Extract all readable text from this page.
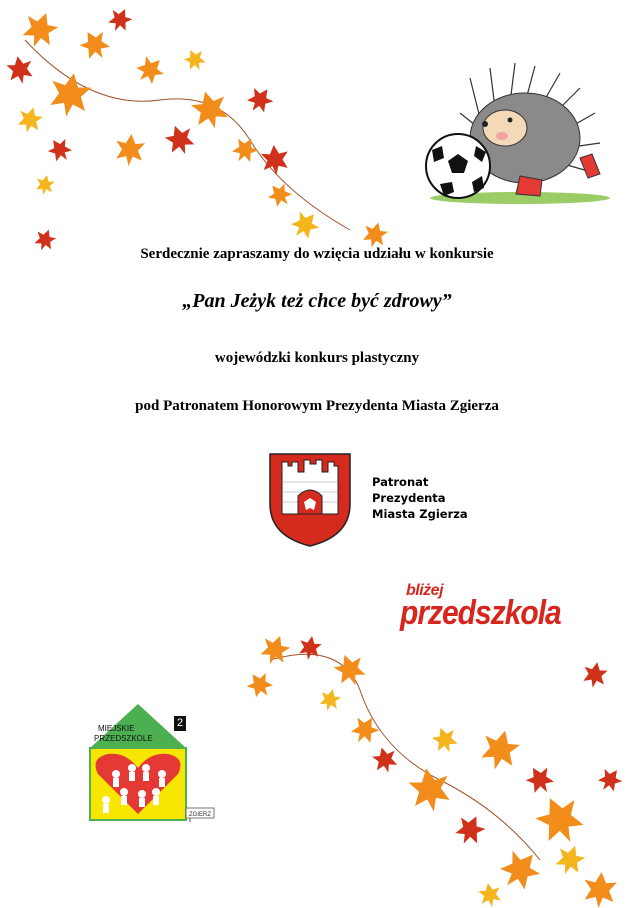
Serdecznie zapraszamy do wzięcia udziału w konkursie
„Pan Jeżyk też chce być zdrowy”
wojewódzki konkurs plastyczny
pod Patronatem Honorowym Prezydenta Miasta Zgierza
Patronat
Prezydenta
Miasta Zgierza
bliżej
przedszkola
ZGIERZ
MIEJSKIE
PRZEDSZKOLE
2
